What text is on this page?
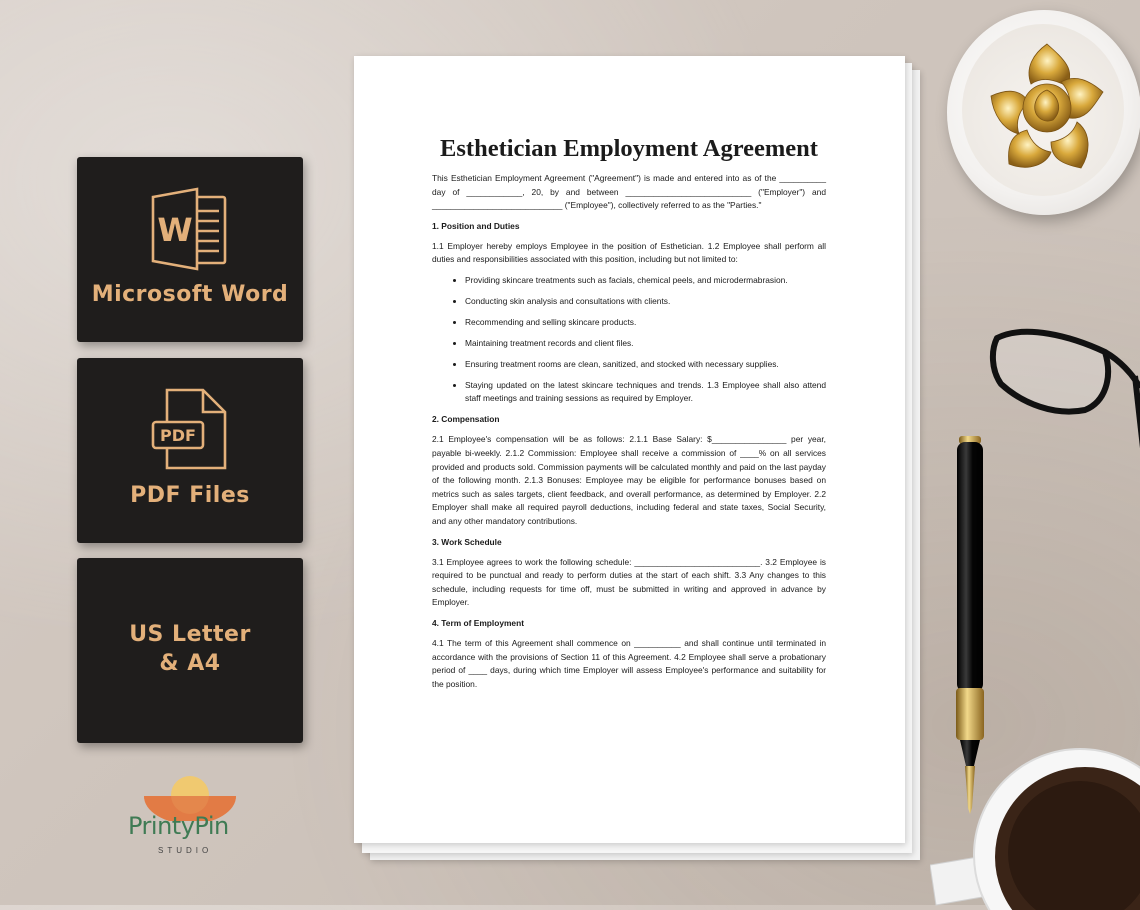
W
Microsoft Word
PDF
PDF Files
US Letter
& A4
PrintyPin
STUDIO
Esthetician Employment Agreement

This Esthetician Employment Agreement ("Agreement") is made and entered into as of the __________ day of ____________, 20, by and between ___________________________ ("Employer") and ____________________________ ("Employee"), collectively referred to as the "Parties."

1. Position and Duties

1.1 Employer hereby employs Employee in the position of Esthetician. 1.2 Employee shall perform all duties and responsibilities associated with this position, including but not limited to:

• Providing skincare treatments such as facials, chemical peels, and microdermabrasion.
• Conducting skin analysis and consultations with clients.
• Recommending and selling skincare products.
• Maintaining treatment records and client files.
• Ensuring treatment rooms are clean, sanitized, and stocked with necessary supplies.
• Staying updated on the latest skincare techniques and trends. 1.3 Employee shall also attend staff meetings and training sessions as required by Employer.
2. Compensation

2.1 Employee's compensation will be as follows: 2.1.1 Base Salary: $________________ per year, payable bi-weekly. 2.1.2 Commission: Employee shall receive a commission of ____% on all services provided and products sold. Commission payments will be calculated monthly and paid on the last payday of the following month. 2.1.3 Bonuses: Employee may be eligible for performance bonuses based on metrics such as sales targets, client feedback, and overall performance, as determined by Employer. 2.2 Employer shall make all required payroll deductions, including federal and state taxes, Social Security, and any other mandatory contributions.

3. Work Schedule

3.1 Employee agrees to work the following schedule: ___________________________. 3.2 Employee is required to be punctual and ready to perform duties at the start of each shift. 3.3 Any changes to this schedule, including requests for time off, must be submitted in writing and approved in advance by Employer.

4. Term of Employment

4.1 The term of this Agreement shall commence on __________ and shall continue until terminated in accordance with the provisions of Section 11 of this Agreement. 4.2 Employee shall serve a probationary period of ____ days, during which time Employer will assess Employee's performance and suitability for the position.
